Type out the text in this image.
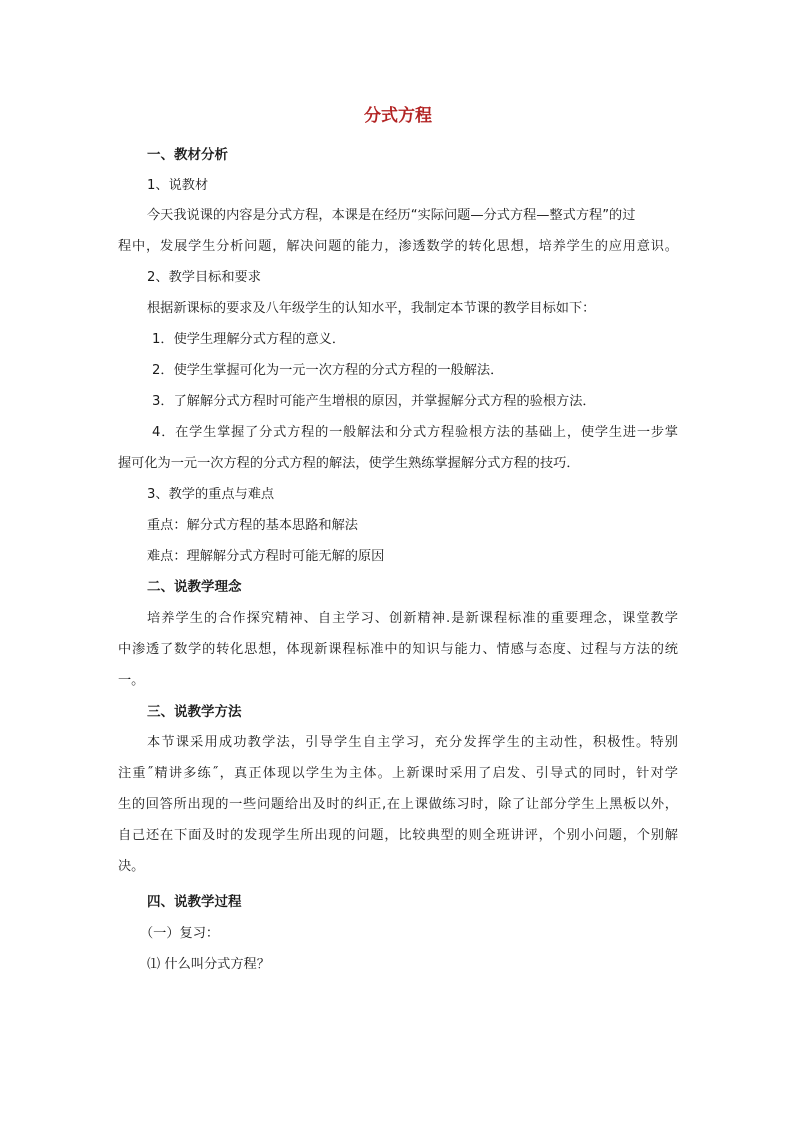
分式方程

一、教材分析

1、说教材

今天我说课的内容是分式方程，本课是在经历“实际问题—分式方程—整式方程”的过

程中，发展学生分析问题，解决问题的能力，渗透数学的转化思想，培养学生的应用意识。

2、教学目标和要求

根据新课标的要求及八年级学生的认知水平，我制定本节课的教学目标如下：

1．使学生理解分式方程的意义．

2．使学生掌握可化为一元一次方程的分式方程的一般解法．

3．了解解分式方程时可能产生增根的原因，并掌握解分式方程的验根方法．

4．在学生掌握了分式方程的一般解法和分式方程验根方法的基础上，使学生进一步掌

握可化为一元一次方程的分式方程的解法，使学生熟练掌握解分式方程的技巧．

3、教学的重点与难点

重点：解分式方程的基本思路和解法

难点：理解解分式方程时可能无解的原因

二、说教学理念

培养学生的合作探究精神、自主学习、创新精神.是新课程标准的重要理念，课堂教学

中渗透了数学的转化思想，体现新课程标准中的知识与能力、情感与态度、过程与方法的统

一。

三、说教学方法

本节课采用成功教学法，引导学生自主学习，充分发挥学生的主动性，积极性。特别

注重˝精讲多练˝，真正体现以学生为主体。上新课时采用了启发、引导式的同时，针对学

生的回答所出现的一些问题给出及时的纠正,在上课做练习时，除了让部分学生上黑板以外，

自己还在下面及时的发现学生所出现的问题，比较典型的则全班讲评，个别小问题，个别解

决。

四、说教学过程

（一）复习：

⑴ 什么叫分式方程？
